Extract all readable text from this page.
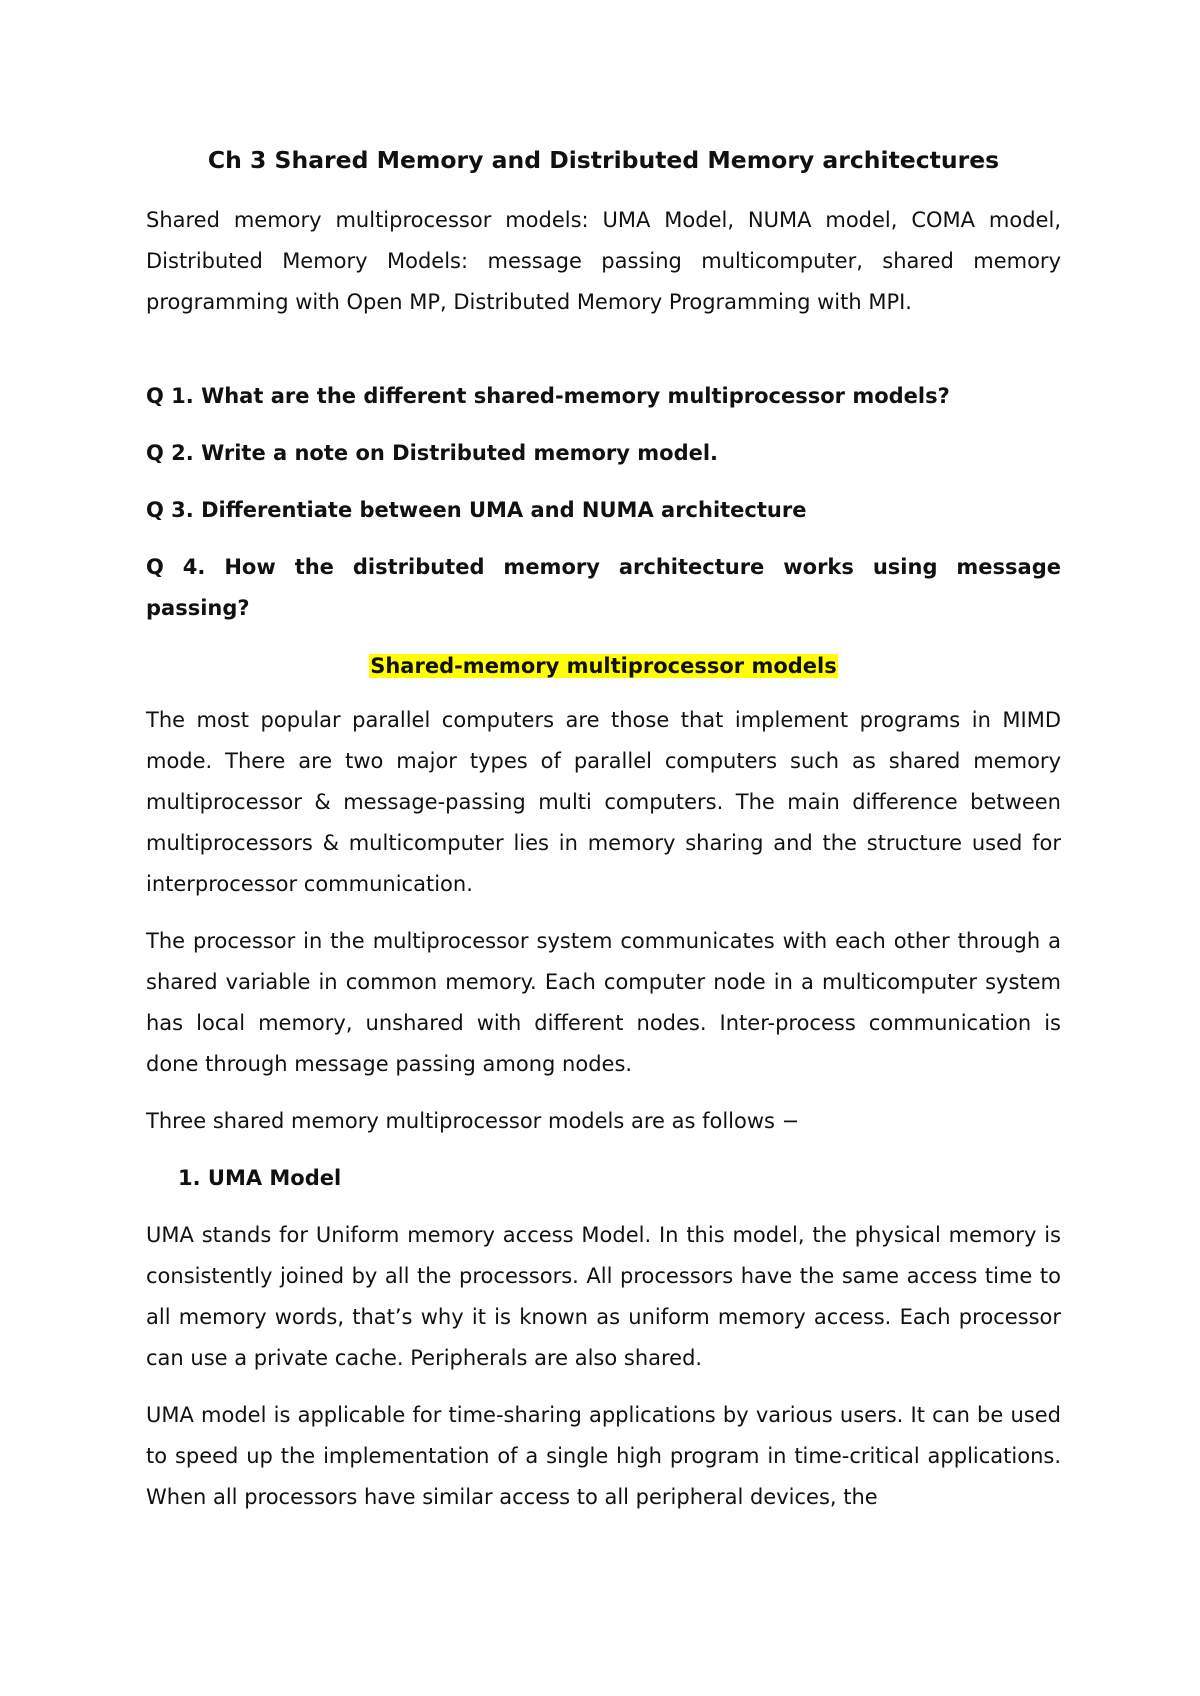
Ch 3 Shared Memory and Distributed Memory architectures

Shared memory multiprocessor models: UMA Model, NUMA model, COMA model, Distributed Memory Models: message passing multicomputer, shared memory programming with Open MP, Distributed Memory Programming with MPI.

Q 1. What are the different shared-memory multiprocessor models?
Q 2. Write a note on Distributed memory model.
Q 3. Differentiate between UMA and NUMA architecture
Q 4. How the distributed memory architecture works using message passing?
Shared-memory multiprocessor models

The most popular parallel computers are those that implement programs in MIMD mode. There are two major types of parallel computers such as shared memory multiprocessor & message-passing multi computers. The main difference between multiprocessors & multicomputer lies in memory sharing and the structure used for interprocessor communication.

The processor in the multiprocessor system communicates with each other through a shared variable in common memory. Each computer node in a multicomputer system has local memory, unshared with different nodes. Inter-process communication is done through message passing among nodes.

Three shared memory multiprocessor models are as follows −

1. UMA Model

UMA stands for Uniform memory access Model. In this model, the physical memory is consistently joined by all the processors. All processors have the same access time to all memory words, that’s why it is known as uniform memory access. Each processor can use a private cache. Peripherals are also shared.

UMA model is applicable for time-sharing applications by various users. It can be used to speed up the implementation of a single high program in time-critical applications. When all processors have similar access to all peripheral devices, the
